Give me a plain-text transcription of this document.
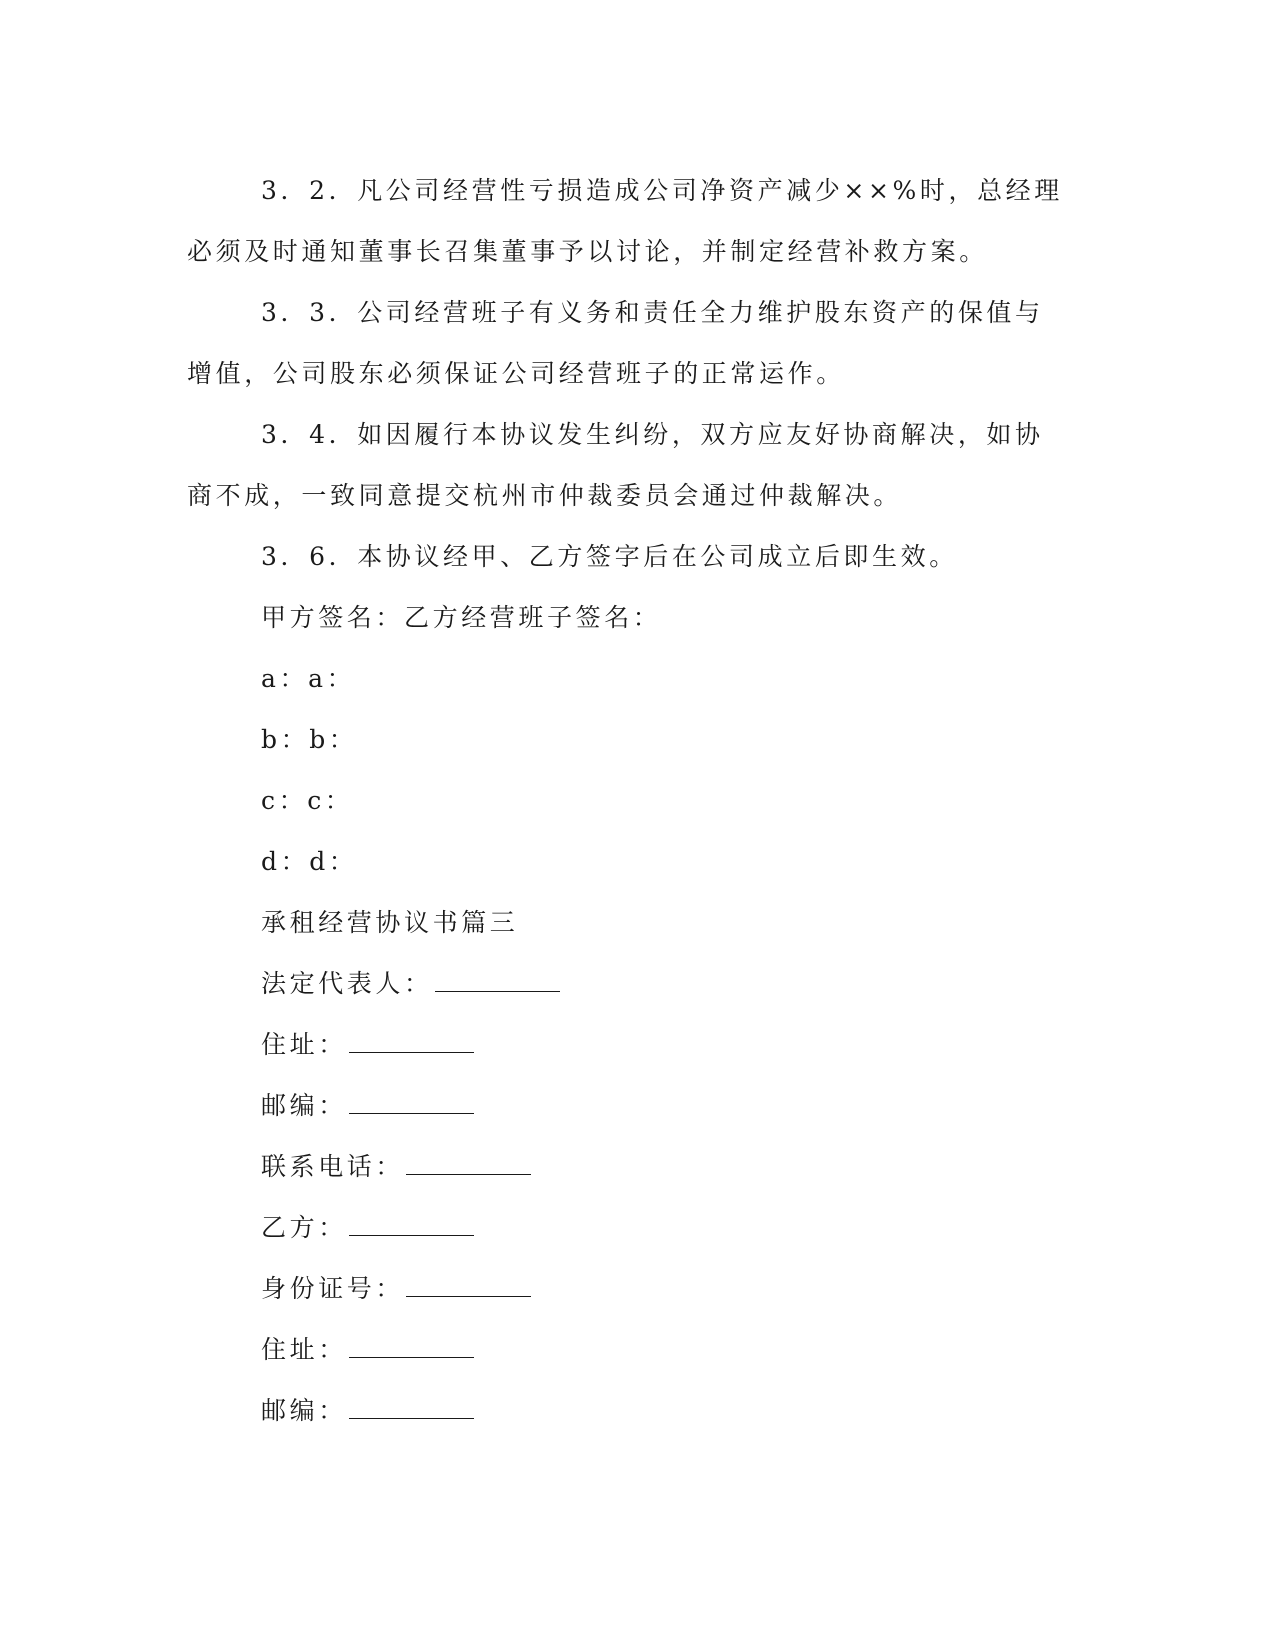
3．2．凡公司经营性亏损造成公司净资产减少××%时，总经理必须及时通知董事长召集董事予以讨论，并制定经营补救方案。

3．3．公司经营班子有义务和责任全力维护股东资产的保值与增值，公司股东必须保证公司经营班子的正常运作。

3．4．如因履行本协议发生纠纷，双方应友好协商解决，如协商不成，一致同意提交杭州市仲裁委员会通过仲裁解决。

3．6．本协议经甲、乙方签字后在公司成立后即生效。

甲方签名：乙方经营班子签名：

a：a：

b：b：

c：c：

d：d：

承租经营协议书篇三

法定代表人：

住址：

邮编：

联系电话：

乙方：

身份证号：

住址：

邮编：
